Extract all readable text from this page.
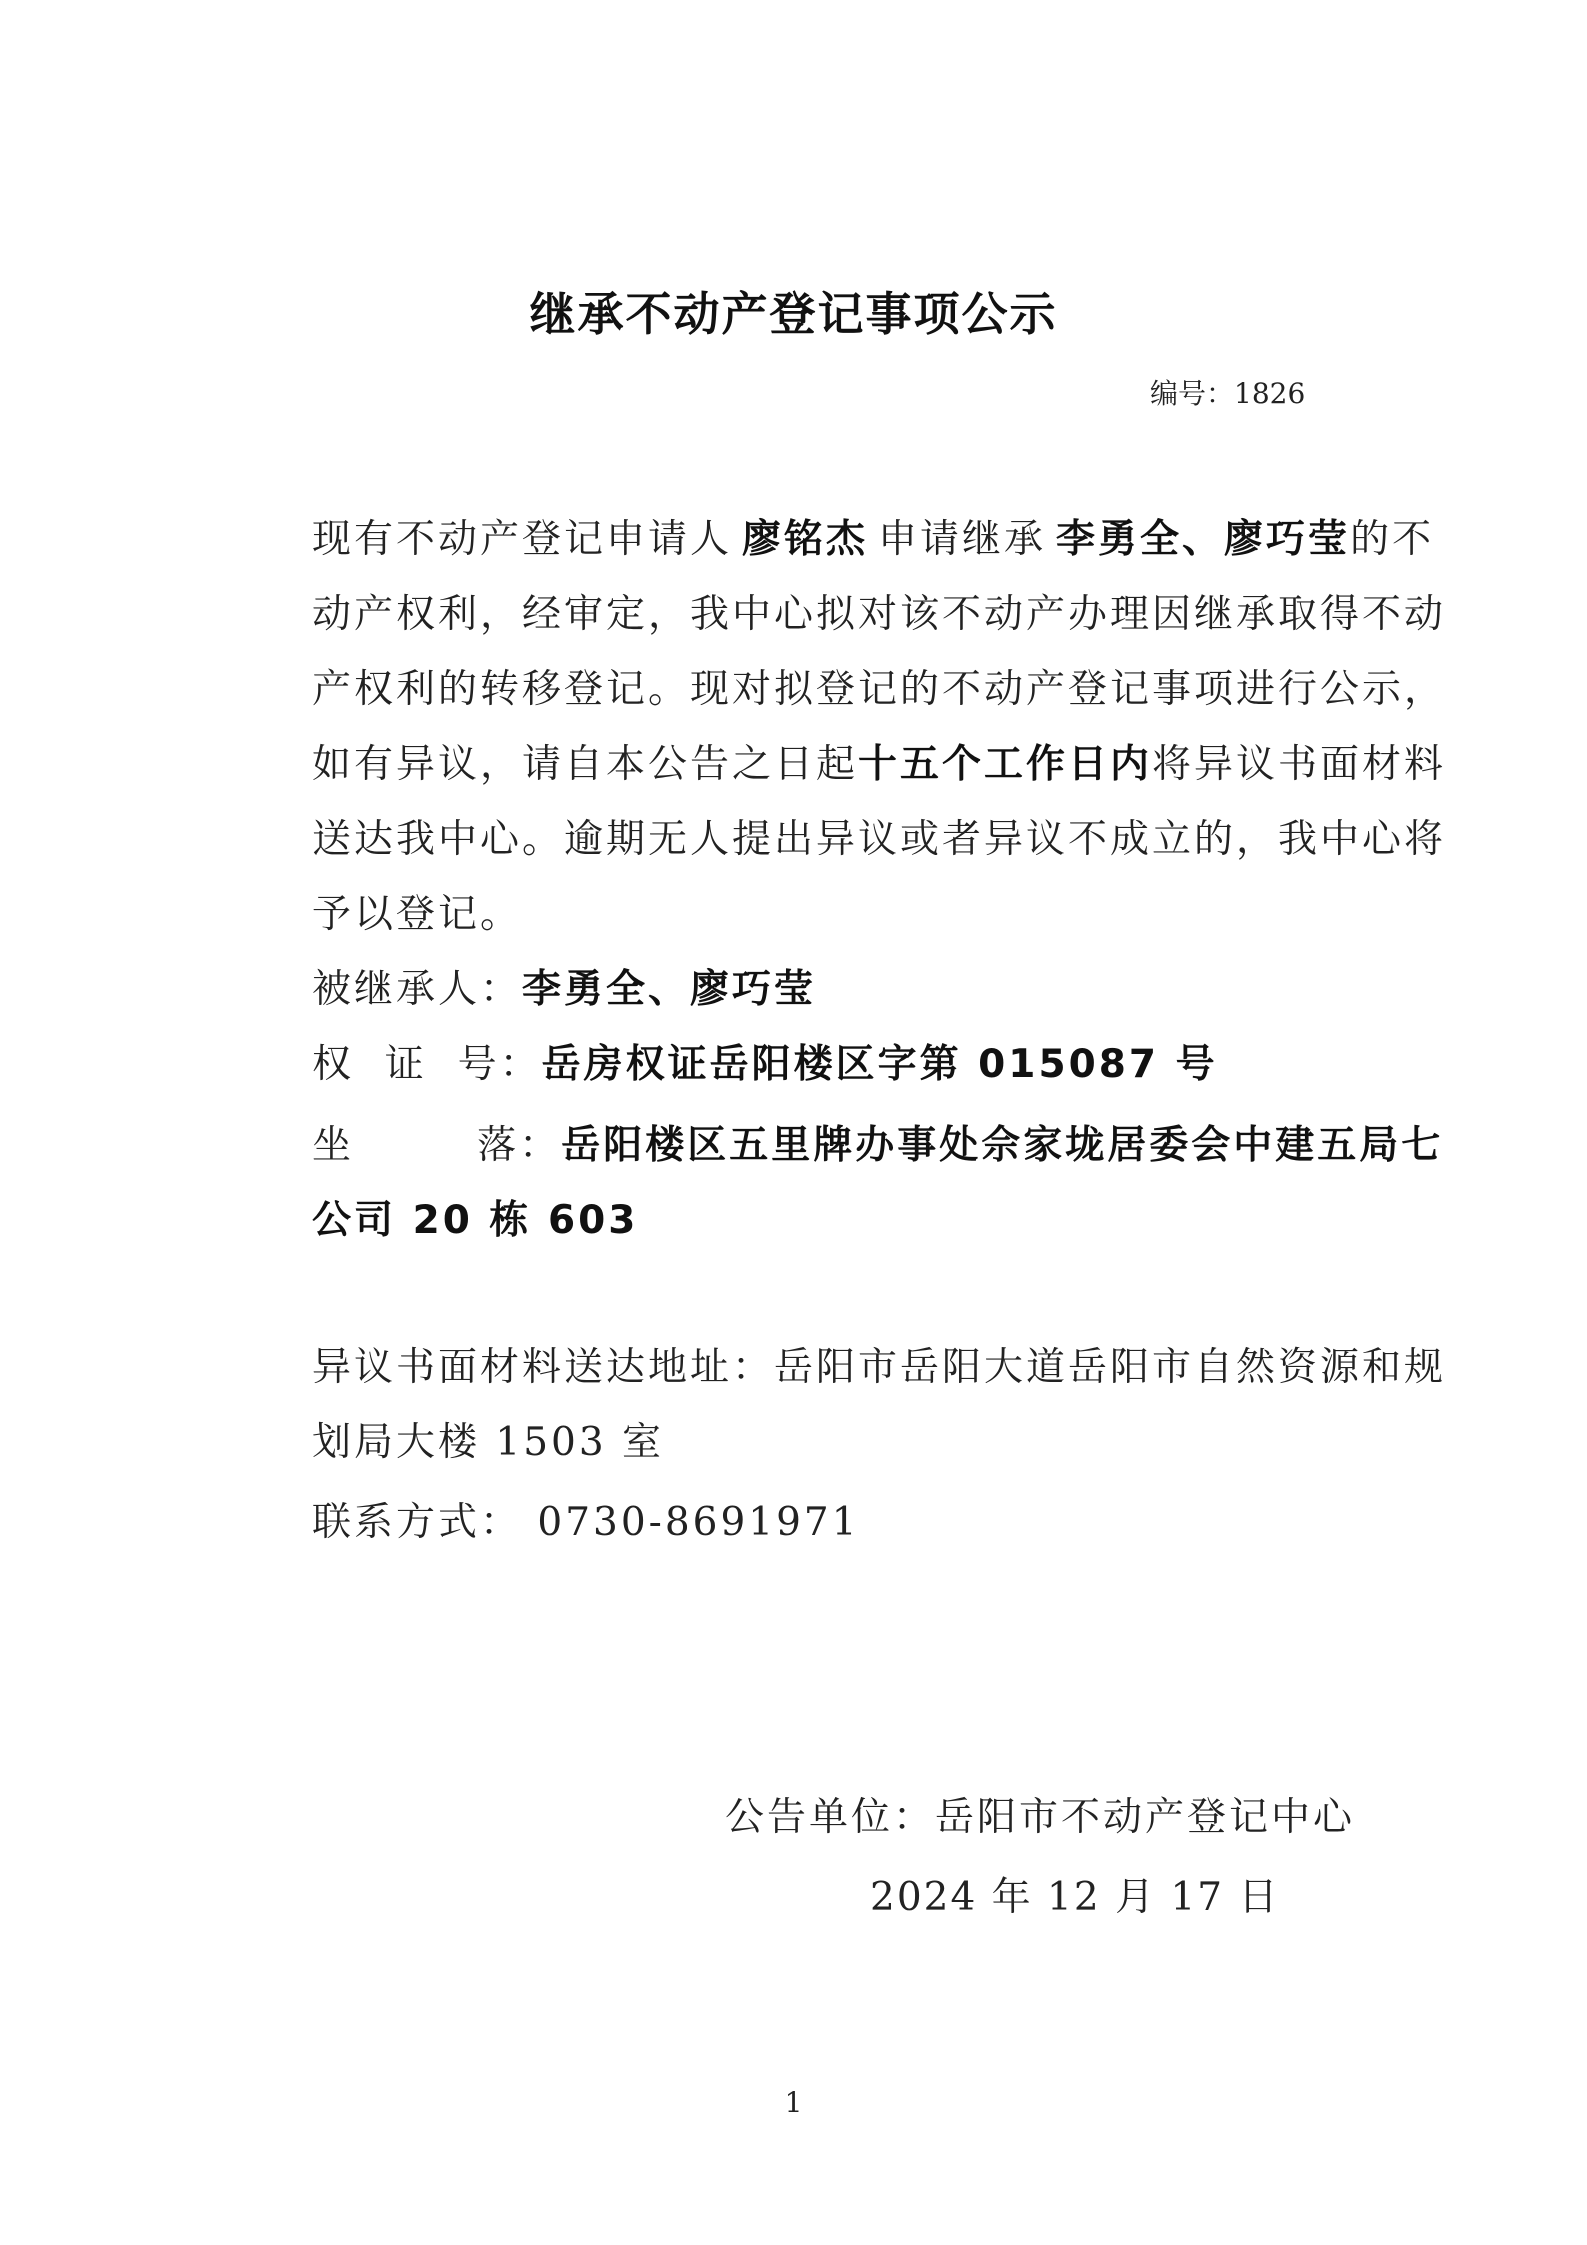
继承不动产登记事项公示
编号：1826
现有不动产登记申请人 廖铭杰 申请继承 李勇全、廖巧莹的不动产权利，经审定，我中心拟对该不动产办理因继承取得不动产权利的转移登记。现对拟登记的不动产登记事项进行公示，如有异议，请自本公告之日起十五个工作日内将异议书面材料送达我中心。逾期无人提出异议或者异议不成立的，我中心将予以登记。
被继承人：李勇全、廖巧莹
权  证  号：岳房权证岳阳楼区字第 015087 号
坐        落：岳阳楼区五里牌办事处佘家垅居委会中建五局七公司 20 栋 603
异议书面材料送达地址：岳阳市岳阳大道岳阳市自然资源和规划局大楼 1503 室
联系方式： 0730-8691971
公告单位：岳阳市不动产登记中心
2024 年 12 月 17 日
1
